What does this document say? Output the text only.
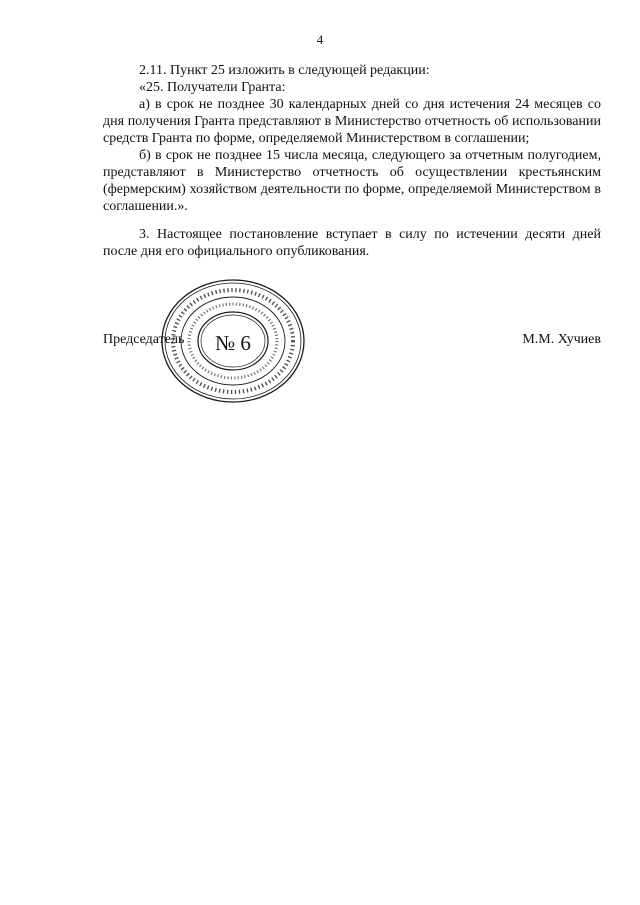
4

2.11. Пункт 25 изложить в следующей редакции:

«25. Получатели Гранта:

а) в срок не позднее 30 календарных дней со дня истечения 24 месяцев со дня получения Гранта представляют в Министерство отчетность об использовании средств Гранта по форме, определяемой Министерством в соглашении;

б) в срок не позднее 15 числа месяца, следующего за отчетным полугодием, представляют в Министерство отчетность об осуществлении крестьянским (фермерским) хозяйством деятельности по форме, определяемой Министерством в соглашении.».

3. Настоящее постановление вступает в силу по истечении десяти дней после дня его официального опубликования.

Председатель	М.М. Хучиев
№ 6
